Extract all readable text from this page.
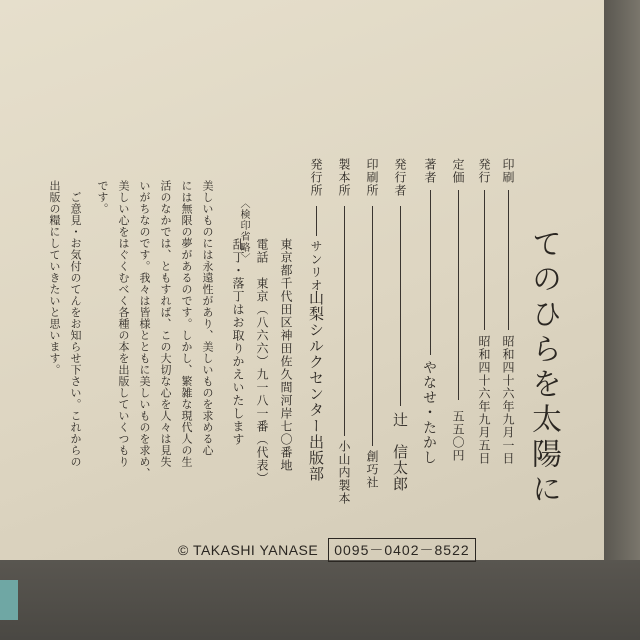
てのひらを太陽に
印刷
昭和四十六年九月一日
発行
昭和四十六年九月五日
定価
五五〇円
著者
やなせ・たかし
発行者
辻　信太郎
印刷所
創巧社
製本所
小山内製本
発行所
サンリオ
山梨シルクセンター出版部
東京都千代田区神田佐久間河岸七〇番地
電話　東京（八六六）九一八一番（代表）
乱丁・落丁はお取りかえいたします
〈検印省略〉
美しいものには永遠性があり、美しいものを求める心
には無限の夢があるのです。しかし、繁雑な現代人の生
活のなかでは、ともすれば、この大切な心を人々は見失
いがちなのです。我々は皆様とともに美しいものを求め、
美しい心をはぐくむべく各種の本を出版していくつもり
です。
　ご意見・お気付のてんをお知らせ下さい。これからの
出版の糧にしていきたいと思います。
© TAKASHI YANASE	0095－0402－8522
